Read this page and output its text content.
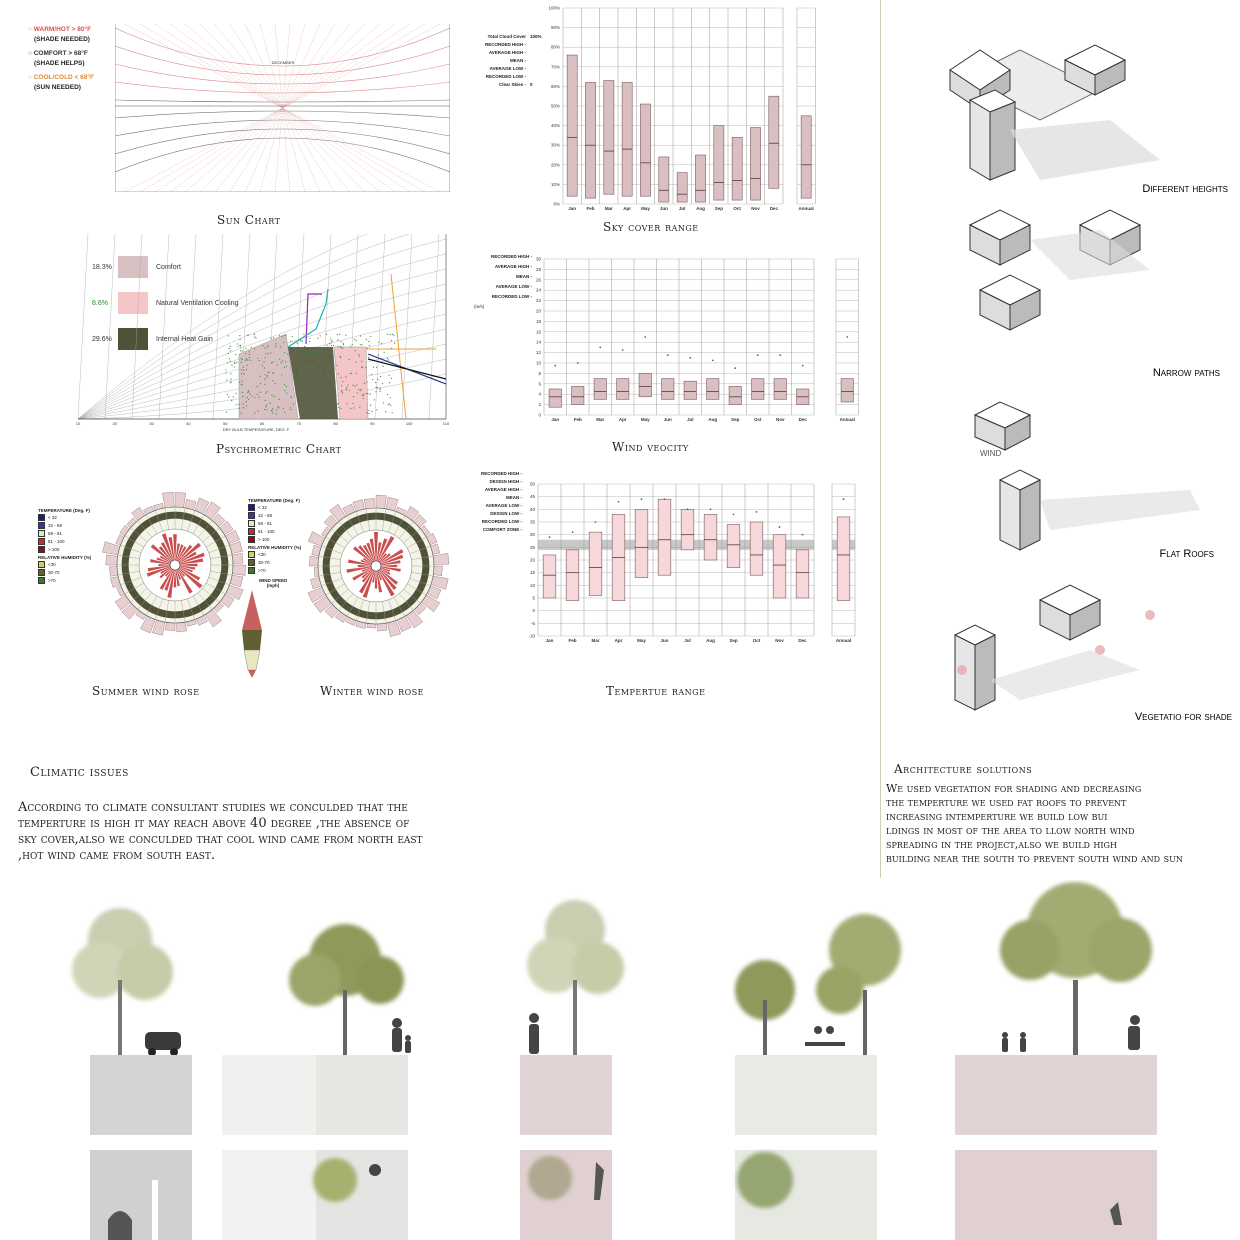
○ WARM/HOT > 80°F
(SHADE NEEDED)
○ COMFORT > 68°F
(SHADE HELPS)
○ COOL/COLD < 68°F
(SUN NEEDED)
DECEMBER
Sun Chart
18.3%	Comfort
8.6%	Natural Ventilation Cooling
29.6%	Internal Heat Gain
10	20	30	40	50	60	70	80	90	100	110
DRY BULB TEMPERATURE, DEG. F
Psychrometric Chart
TEMPERATURE (Deg. F)
< 32
32 - 69
69 - 81
81 - 100
> 100
RELATIVE HUMIDITY (%)
<30
30-70
>70
TEMPERATURE (Deg. F)
< 32
32 - 69
69 - 81
81 - 100
> 100
RELATIVE HUMIDITY (%)
<30
30-70
>70
WIND SPEED (mph)
Summer wind rose	Winter wind rose
Total Cloud Cover 100%
RECORDED HIGH -
AVERAGE HIGH -
MEAN -
AVERAGE LOW -
RECORDED LOW -
Clear Skies - 0
0%
10%
20%
30%
40%
50%
60%
70%
80%
90%
100%
Jan Feb Mar Apr May Jun Jul Aug Sep Oct Nov Dec	Annual
Sky cover range
RECORDED HIGH -
AVERAGE HIGH -
MEAN -
AVERAGE LOW -
RECORDED LOW -
(m/s)
0
2
4
6
8
10
12
14
16
18
20
22
24
26
28
30
Jan	Feb	Mar	Apr	May	Jun	Jul	Aug	Sep	Oct	Nov	Dec	Annual
Wind veocity
RECORDED HIGH -
DESIGN HIGH -
AVERAGE HIGH -
MEAN -
AVERAGE LOW -
DESIGN LOW -
RECORDED LOW -
COMFORT ZONE -
-10
-5
0
5
10
15
20
25
30
35
40
45
50
Jan	Feb	Mar	Apr	May	Jun	Jul	Aug	Sep	Oct	Nov	Dec	Annual
Tempertue range
Different heights
Narrow paths
WIND
Flat Roofs
Vegetatio for shade
Climatic issues
According to climate consultant studies we conculded that the
temperture is high it may reach above 40 degree ,the absence of
sky cover,also we conculded that cool wind came from north east
,hot wind came from south east.
Architecture solutions
We used vegetation for shading and decreasing
the temperture we used fat roofs to prevent
increasing intemperture we build low bui
ldings in most of the area to llow north wind
spreading in the project,also we build high
building near the south to prevent south wind and sun
